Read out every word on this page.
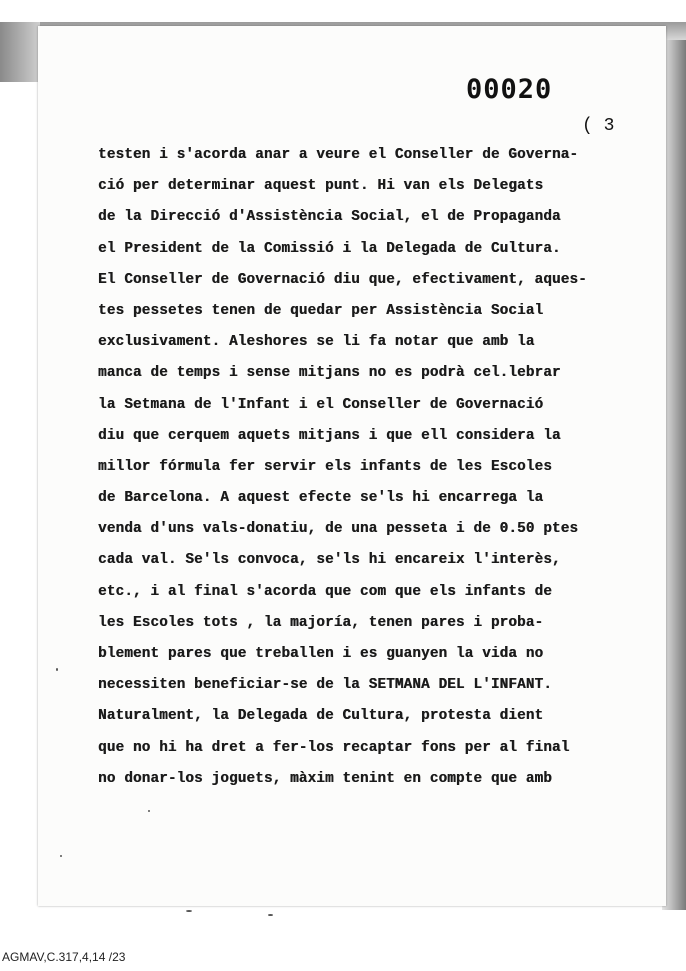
00020
( 3
testen i s'acorda anar a veure el Conseller de Governa-
ció per determinar aquest punt. Hi van els Delegats
de la Direcció d'Assistència Social, el de Propaganda
el President de la Comissió i la Delegada de Cultura.
El Conseller de Governació diu que, efectivament, aques-
tes pessetes tenen de quedar per Assistència Social
exclusivament. Aleshores se li fa notar que amb la
manca de temps i sense mitjans no es podrà cel.lebrar
la Setmana de l'Infant i el Conseller de Governació
diu que cerquem aquets mitjans i que ell considera la
millor fórmula fer servir els infants de les Escoles
de Barcelona. A aquest efecte se'ls hi encarrega la
venda d'uns vals-donatiu, de una pesseta i de 0.50 ptes
cada val. Se'ls convoca, se'ls hi encareix l'interès,
etc., i al final s'acorda que com que els infants de
les Escoles tots , la majoría, tenen pares i proba-
blement pares que treballen i es guanyen la vida no
necessiten beneficiar-se de la SETMANA DEL L'INFANT.
Naturalment, la Delegada de Cultura, protesta dient
que no hi ha dret a fer-los recaptar fons per al final
no donar-los joguets, màxim tenint en compte que amb
AGMAV,C.317,4,14 /23
